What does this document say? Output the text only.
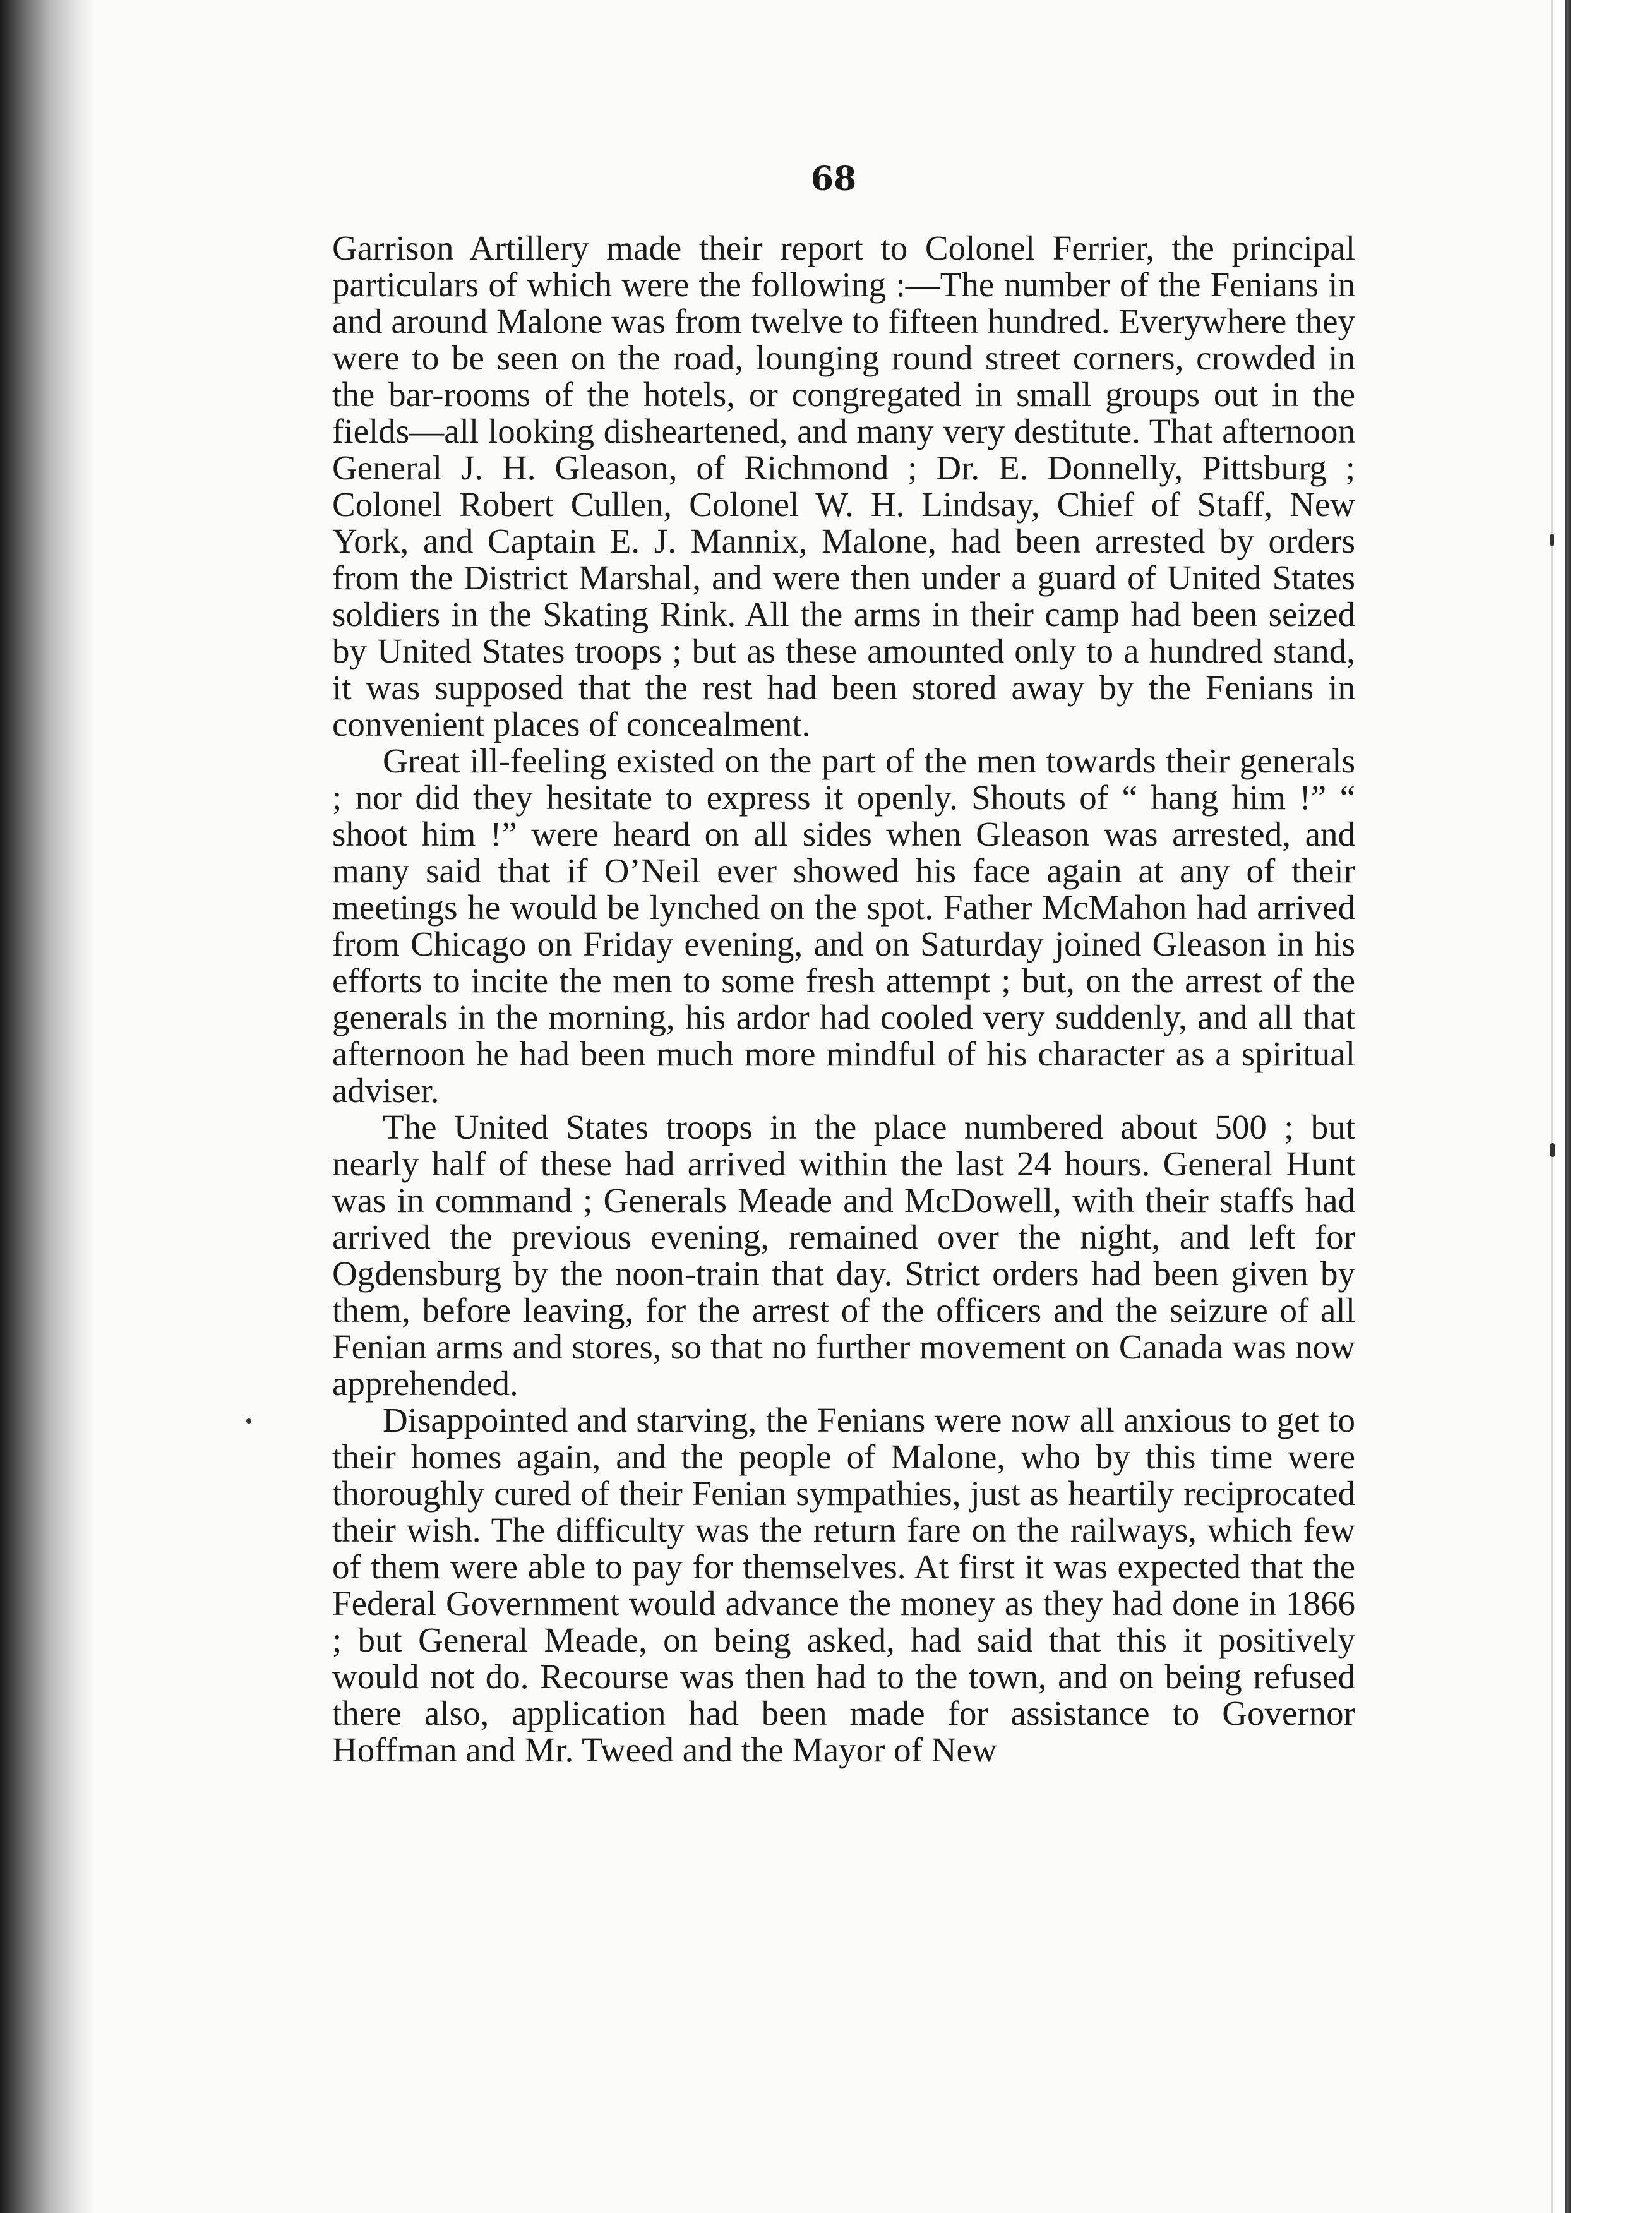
68

Garrison Artillery made their report to Colonel Ferrier, the principal particulars of which were the following :—The number of the Fenians in and around Malone was from twelve to fifteen hundred. Everywhere they were to be seen on the road, lounging round street corners, crowded in the bar-rooms of the hotels, or congregated in small groups out in the fields—all looking disheartened, and many very destitute. That afternoon General J. H. Gleason, of Richmond ; Dr. E. Donnelly, Pittsburg ; Colonel Robert Cullen, Colonel W. H. Lindsay, Chief of Staff, New York, and Captain E. J. Mannix, Malone, had been arrested by orders from the District Marshal, and were then under a guard of United States soldiers in the Skating Rink. All the arms in their camp had been seized by United States troops ; but as these amounted only to a hundred stand, it was supposed that the rest had been stored away by the Fenians in convenient places of concealment.

Great ill-feeling existed on the part of the men towards their generals ; nor did they hesitate to express it openly. Shouts of “ hang him !” “ shoot him !” were heard on all sides when Gleason was arrested, and many said that if O’Neil ever showed his face again at any of their meetings he would be lynched on the spot. Father McMahon had arrived from Chicago on Friday evening, and on Saturday joined Gleason in his efforts to incite the men to some fresh attempt ; but, on the arrest of the generals in the morning, his ardor had cooled very suddenly, and all that afternoon he had been much more mindful of his character as a spiritual adviser.

The United States troops in the place numbered about 500 ; but nearly half of these had arrived within the last 24 hours. General Hunt was in command ; Generals Meade and McDowell, with their staffs had arrived the previous evening, remained over the night, and left for Ogdensburg by the noon-train that day. Strict orders had been given by them, before leaving, for the arrest of the officers and the seizure of all Fenian arms and stores, so that no further movement on Canada was now apprehended.

Disappointed and starving, the Fenians were now all anxious to get to their homes again, and the people of Malone, who by this time were thoroughly cured of their Fenian sympathies, just as heartily reciprocated their wish. The difficulty was the return fare on the railways, which few of them were able to pay for themselves. At first it was expected that the Federal Government would advance the money as they had done in 1866 ; but General Meade, on being asked, had said that this it positively would not do. Recourse was then had to the town, and on being refused there also, application had been made for assistance to Governor Hoffman and Mr. Tweed and the Mayor of New
